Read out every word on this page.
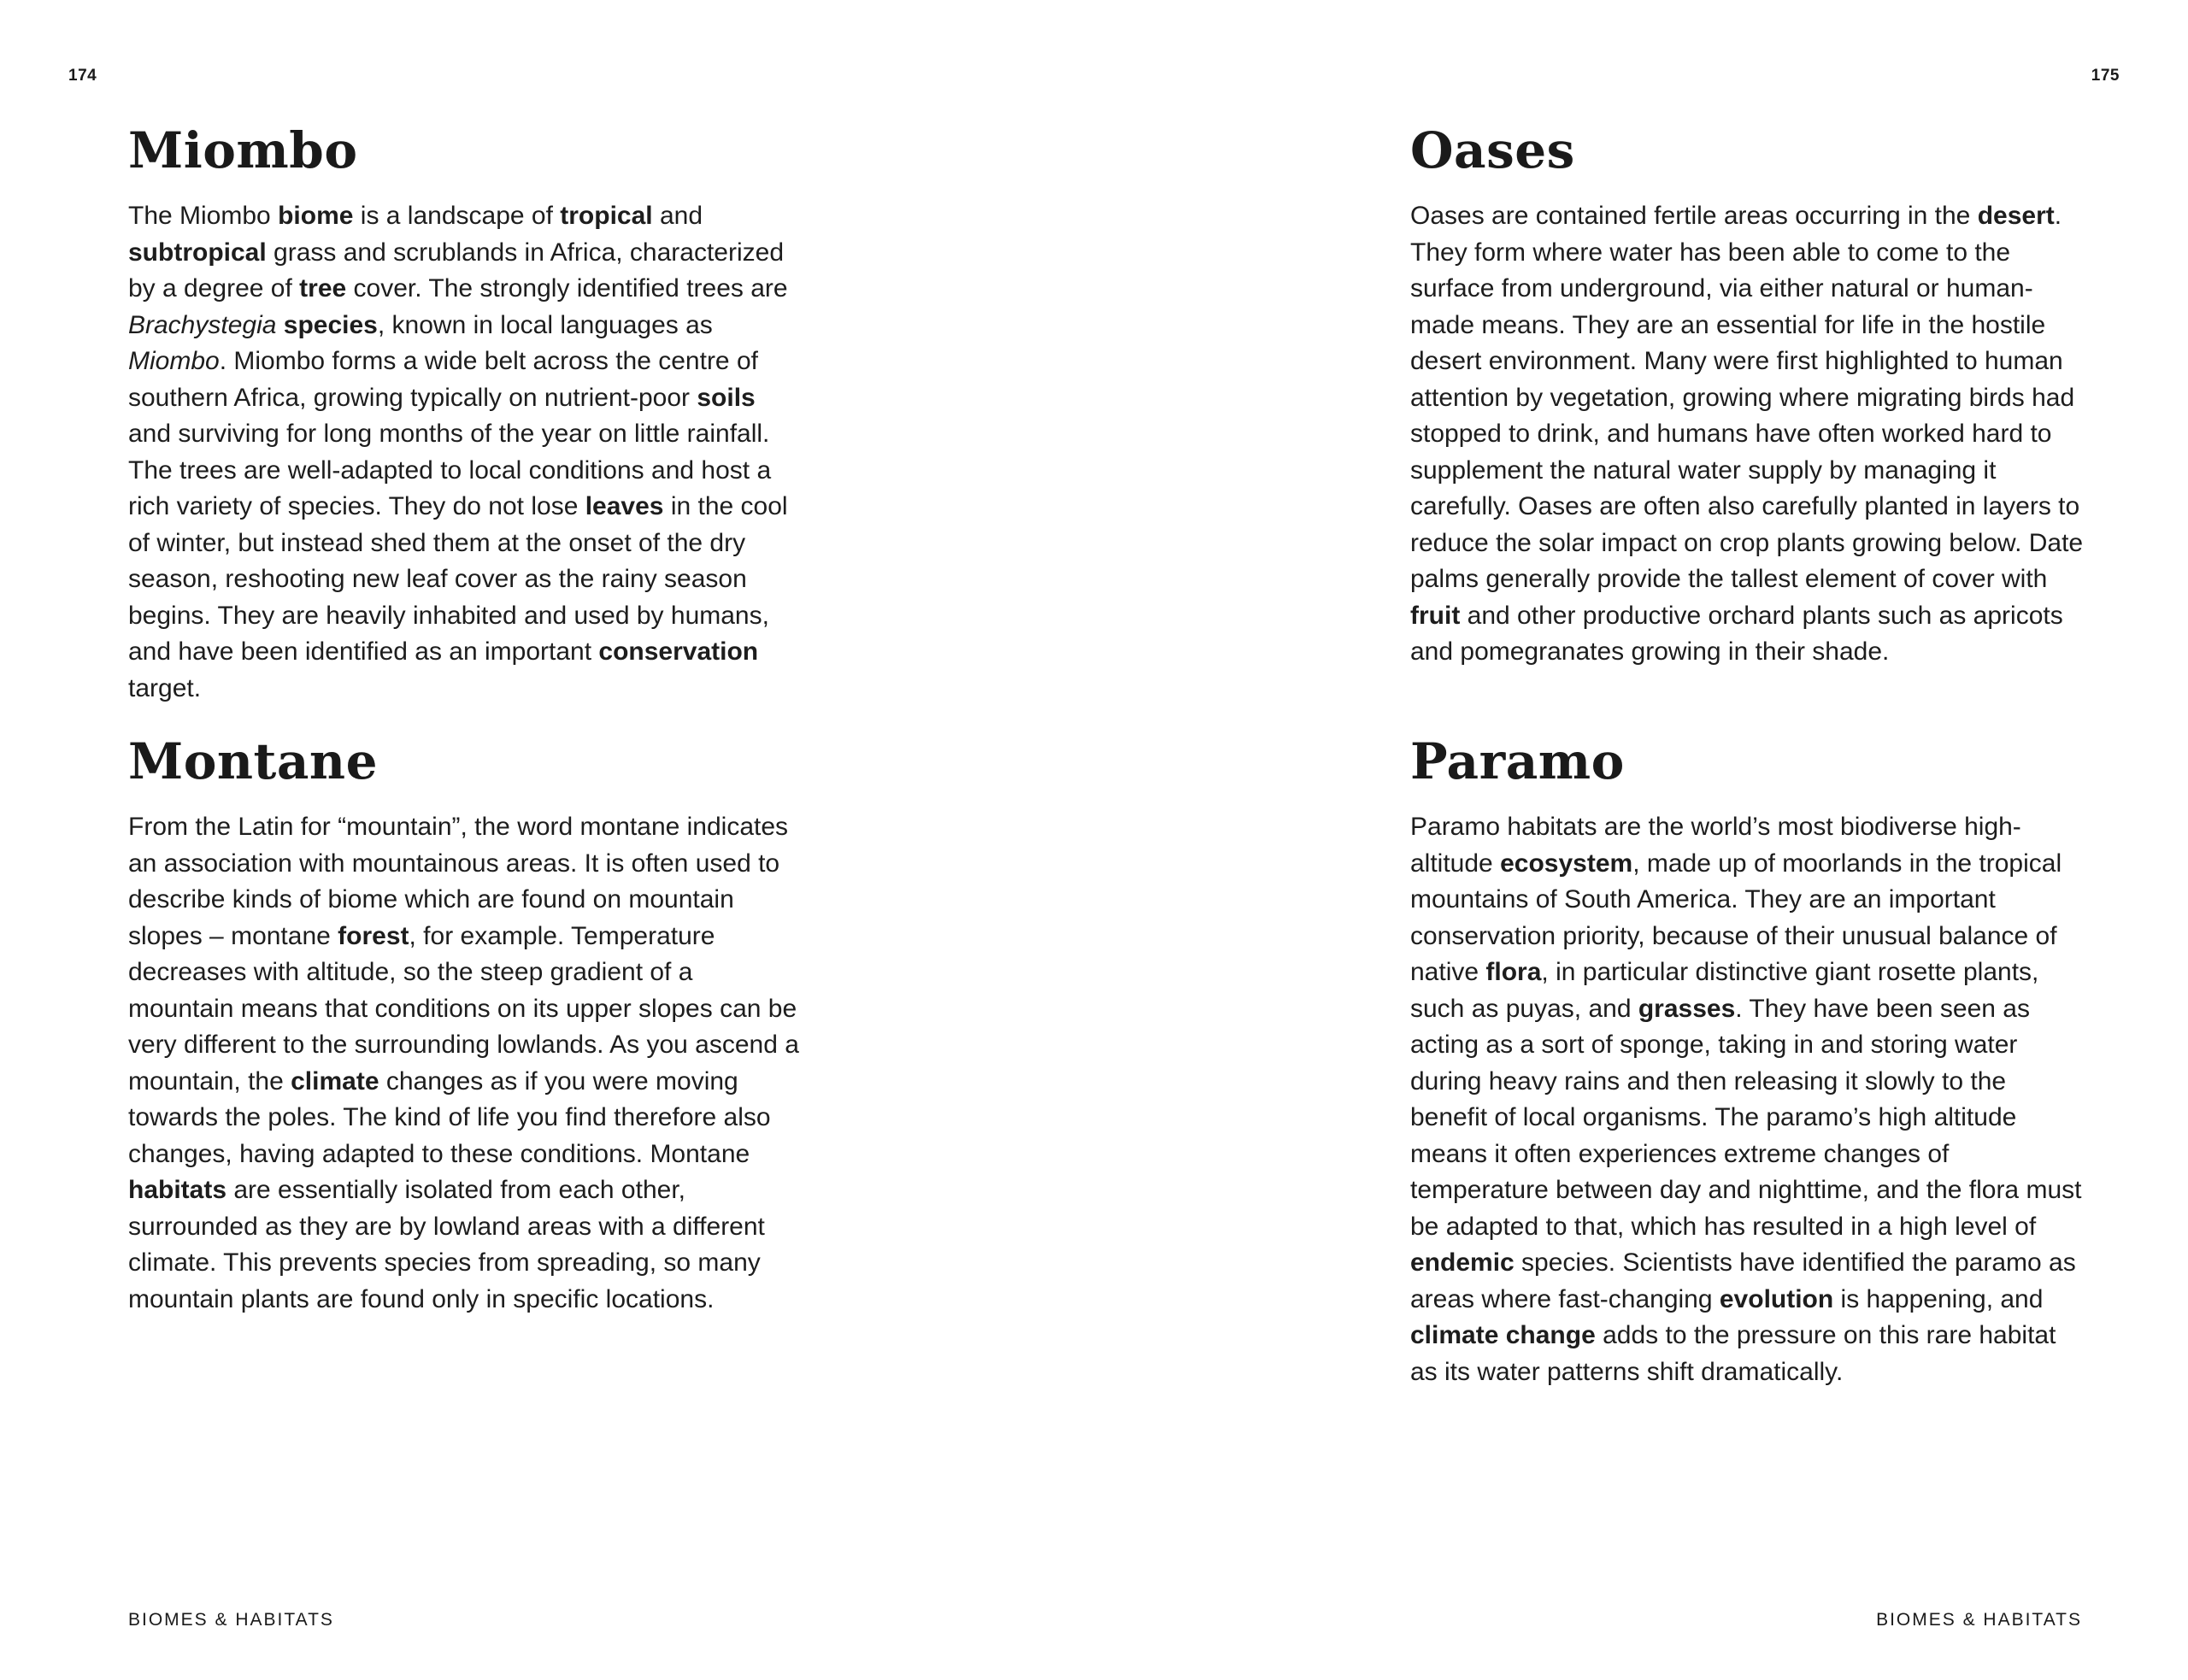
174
Miombo

The Miombo biome is a landscape of tropical and subtropical grass and scrublands in Africa, characterized by a degree of tree cover. The strongly identified trees are Brachystegia species, known in local languages as Miombo. Miombo forms a wide belt across the centre of southern Africa, growing typically on nutrient-poor soils and surviving for long months of the year on little rainfall. The trees are well-adapted to local conditions and host a rich variety of species. They do not lose leaves in the cool of winter, but instead shed them at the onset of the dry season, reshooting new leaf cover as the rainy season begins. They are heavily inhabited and used by humans, and have been identified as an important conservation target.

Montane

From the Latin for “mountain”, the word montane indicates an association with mountainous areas. It is often used to describe kinds of biome which are found on mountain slopes – montane forest, for example. Temperature decreases with altitude, so the steep gradient of a mountain means that conditions on its upper slopes can be very different to the surrounding lowlands. As you ascend a mountain, the climate changes as if you were moving towards the poles. The kind of life you find therefore also changes, having adapted to these conditions. Montane habitats are essentially isolated from each other, surrounded as they are by lowland areas with a different climate. This prevents species from spreading, so many mountain plants are found only in specific locations.

BIOMES & HABITATS
175
Oases

Oases are contained fertile areas occurring in the desert. They form where water has been able to come to the surface from underground, via either natural or human-made means. They are an essential for life in the hostile desert environment. Many were first highlighted to human attention by vegetation, growing where migrating birds had stopped to drink, and humans have often worked hard to supplement the natural water supply by managing it carefully. Oases are often also carefully planted in layers to reduce the solar impact on crop plants growing below. Date palms generally provide the tallest element of cover with fruit and other productive orchard plants such as apricots and pomegranates growing in their shade.

Paramo

Paramo habitats are the world’s most biodiverse high-altitude ecosystem, made up of moorlands in the tropical mountains of South America. They are an important conservation priority, because of their unusual balance of native flora, in particular distinctive giant rosette plants, such as puyas, and grasses. They have been seen as acting as a sort of sponge, taking in and storing water during heavy rains and then releasing it slowly to the benefit of local organisms. The paramo’s high altitude means it often experiences extreme changes of temperature between day and nighttime, and the flora must be adapted to that, which has resulted in a high level of endemic species. Scientists have identified the paramo as areas where fast-changing evolution is happening, and climate change adds to the pressure on this rare habitat as its water patterns shift dramatically.

BIOMES & HABITATS
